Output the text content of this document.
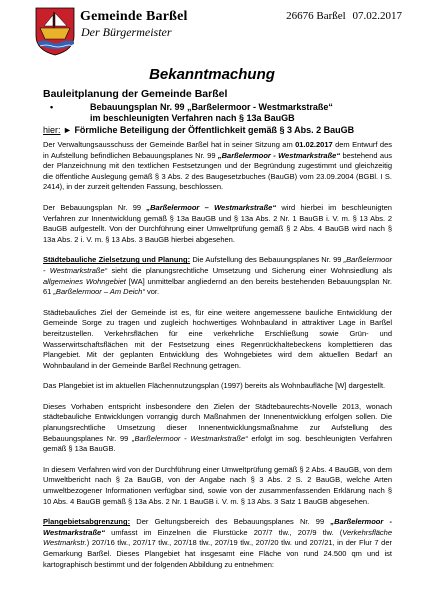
Gemeinde Barßel
Der Bürgermeister
26676 Barßel 07.02.2017
Bekanntmachung
Bauleitplanung der Gemeinde Barßel
•	Bebauungsplan Nr. 99 „Barßelermoor - Westmarkstraße“
im beschleunigten Verfahren nach § 13a BauGB
hier: ► Förmliche Beteiligung der Öffentlichkeit gemäß § 3 Abs. 2 BauGB

Der Verwaltungsausschuss der Gemeinde Barßel hat in seiner Sitzung am 01.02.2017 dem Entwurf des in Aufstellung befindlichen Bebauungsplanes Nr. 99 „Barßelermoor - Westmarkstraße“ bestehend aus der Planzeichnung mit den textlichen Festsetzungen und der Begründung zugestimmt und gleichzeitig die öffentliche Auslegung gemäß § 3 Abs. 2 des Baugesetzbuches (BauGB) vom 23.09.2004 (BGBl. I S. 2414), in der zurzeit geltenden Fassung, beschlossen.

Der Bebauungsplan Nr. 99 „Barßelermoor – Westmarkstraße“ wird hierbei im beschleunigten Verfahren zur Innentwicklung gemäß § 13a BauGB und § 13a Abs. 2 Nr. 1 BauGB i. V. m. § 13 Abs. 2 BauGB aufgestellt. Von der Durchführung einer Umweltprüfung gemäß § 2 Abs. 4 BauGB wird nach § 13a Abs. 2 i. V. m. § 13 Abs. 3 BauGB hierbei abgesehen.

Städtebauliche Zielsetzung und Planung: Die Aufstellung des Bebauungsplanes Nr. 99 „Barßelermoor - Westmarkstraße“ sieht die planungsrechtliche Umsetzung und Sicherung einer Wohnsiedlung als allgemeines Wohngebiet [WA] unmittelbar angliedernd an den bereits bestehenden Bebauungsplan Nr. 61 „Barßelermoor – Am Deich“ vor.

Städtebauliches Ziel der Gemeinde ist es, für eine weitere angemessene bauliche Entwicklung der Gemeinde Sorge zu tragen und zugleich hochwertiges Wohnbauland in attraktiver Lage in Barßel bereitzustellen. Verkehrsflächen für eine verkehrliche Erschließung sowie Grün- und Wasserwirtschaftsflächen mit der Festsetzung eines Regenrückhaltebeckens komplettieren das Plangebiet. Mit der geplanten Entwicklung des Wohngebietes wird dem aktuellen Bedarf an Wohnbauland in der Gemeinde Barßel Rechnung getragen.

Das Plangebiet ist im aktuellen Flächennutzungsplan (1997) bereits als Wohnbaufläche [W] dargestellt.

Dieses Vorhaben entspricht insbesondere den Zielen der Städtebaurechts-Novelle 2013, wonach städtebauliche Entwicklungen vorrangig durch Maßnahmen der Innenentwicklung erfolgen sollen. Die planungsrechtliche Umsetzung dieser Innenentwicklungsmaßnahme zur Aufstellung des Bebauungsplanes Nr. 99 „Barßelermoor - Westmarkstraße“ erfolgt im sog. beschleunigten Verfahren gemäß § 13a BauGB.

In diesem Verfahren wird von der Durchführung einer Umweltprüfung gemäß § 2 Abs. 4 BauGB, von dem Umweltbericht nach § 2a BauGB, von der Angabe nach § 3 Abs. 2 S. 2 BauGB, welche Arten umweltbezogener Informationen verfügbar sind, sowie von der zusammenfassenden Erklärung nach § 10 Abs. 4 BauGB gemäß § 13a Abs. 2 Nr. 1 BauGB i. V. m. § 13 Abs. 3 Satz 1 BauGB abgesehen.

Plangebietsabgrenzung: Der Geltungsbereich des Bebauungsplanes Nr. 99 „Barßelermoor - Westmarkstraße“ umfasst im Einzelnen die Flurstücke 207/7 tlw., 207/9 tlw. (Verkehrsfläche Westmarkstr.) 207/16 tlw., 207/17 tlw., 207/18 tlw., 207/19 tlw., 207/20 tlw. und 207/21, in der Flur 7 der Gemarkung Barßel. Dieses Plangebiet hat insgesamt eine Fläche von rund 24.500 qm und ist kartographisch bestimmt und der folgenden Abbildung zu entnehmen:
